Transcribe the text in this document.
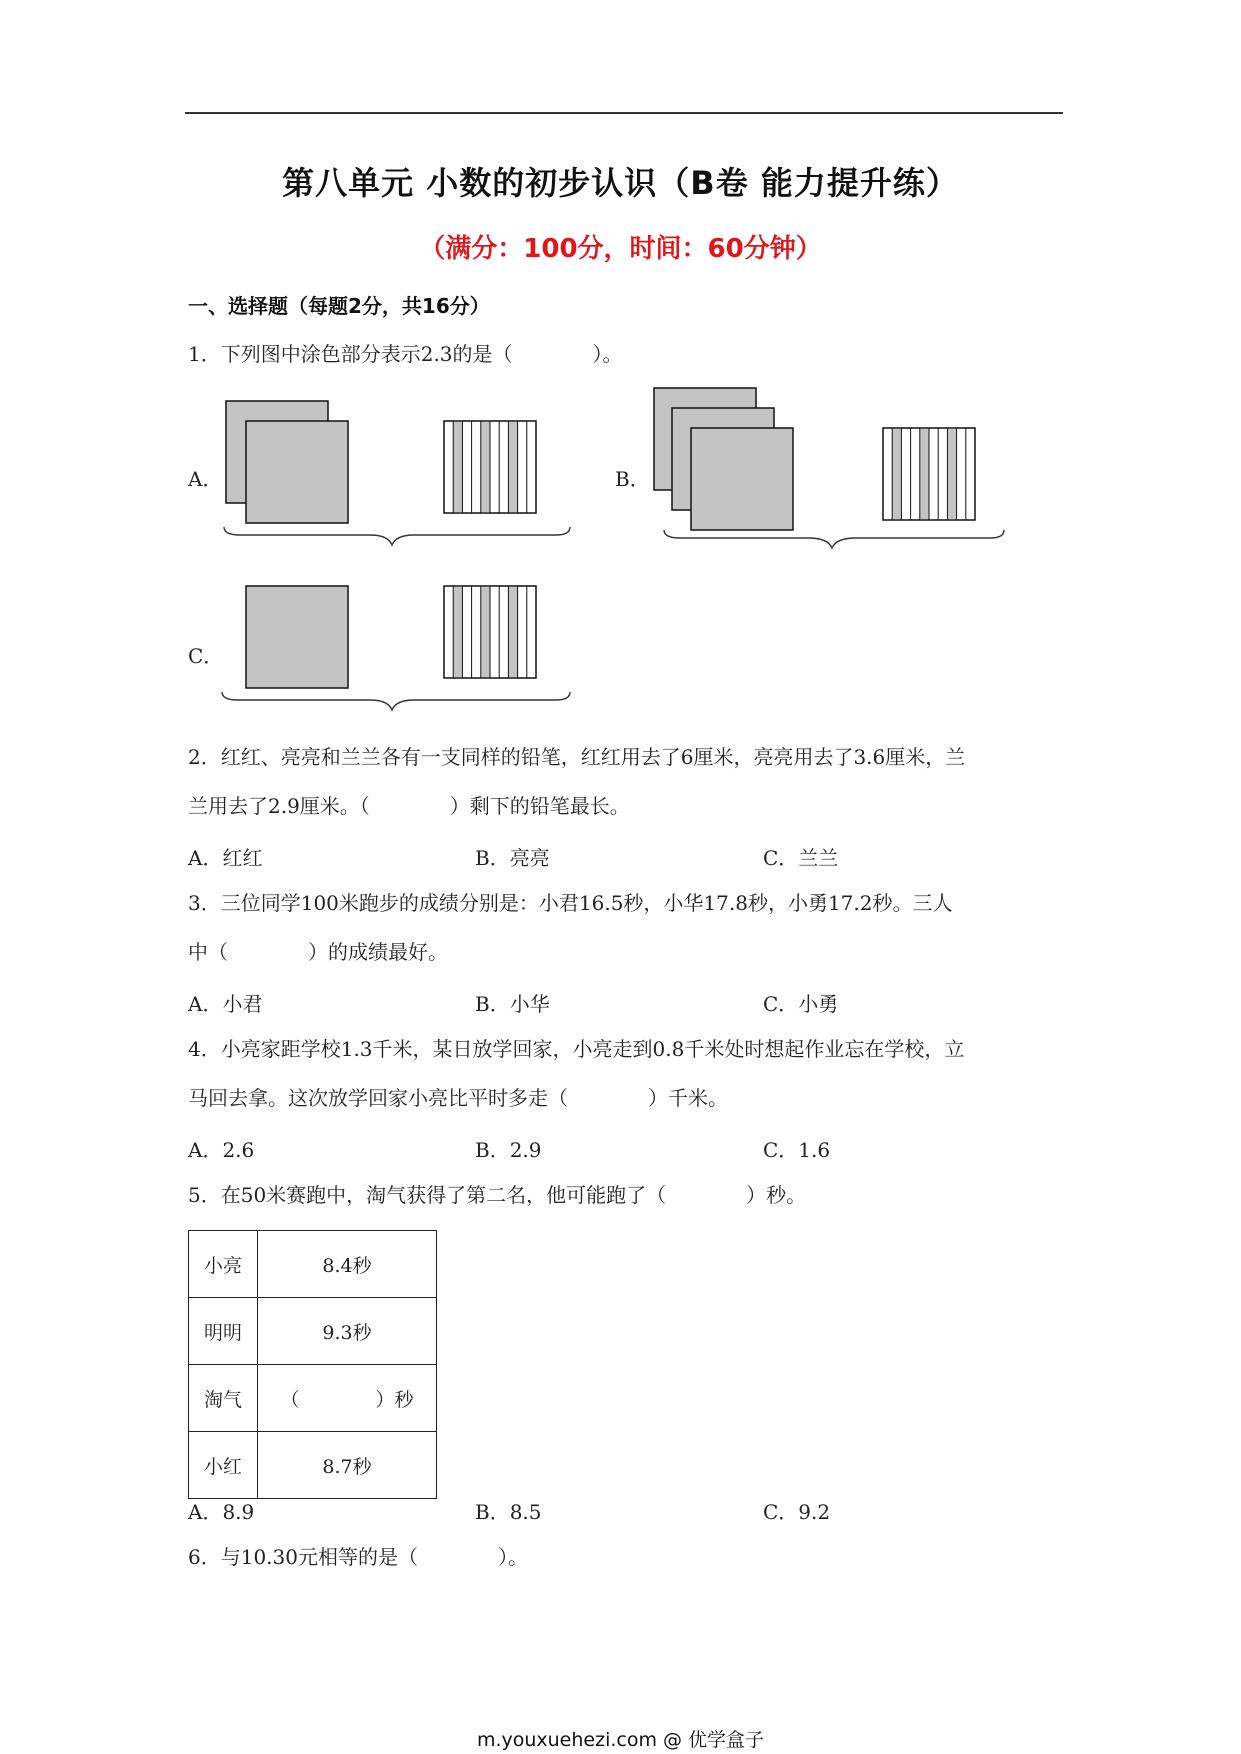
第八单元 小数的初步认识（B卷 能力提升练）
（满分：100分，时间：60分钟）
一、选择题（每题2分，共16分）
1．下列图中涂色部分表示2.3的是（　　　　）。
A．	B．
C．
2．红红、亮亮和兰兰各有一支同样的铅笔，红红用去了6厘米，亮亮用去了3.6厘米，兰
兰用去了2.9厘米。（　　　　）剩下的铅笔最长。
A．红红	B．亮亮	C．兰兰
3．三位同学100米跑步的成绩分别是：小君16.5秒，小华17.8秒，小勇17.2秒。三人
中（　　　　）的成绩最好。
A．小君	B．小华	C．小勇
4．小亮家距学校1.3千米，某日放学回家，小亮走到0.8千米处时想起作业忘在学校，立
马回去拿。这次放学回家小亮比平时多走（　　　　）千米。
A．2.6	B．2.9	C．1.6
5．在50米赛跑中，淘气获得了第二名，他可能跑了（　　　　）秒。
小亮	8.4秒
明明	9.3秒
淘气	（　　　　）秒
小红	8.7秒
A．8.9	B．8.5	C．9.2
6．与10.30元相等的是（　　　　）。
m.youxuehezi.com @ 优学盒子
